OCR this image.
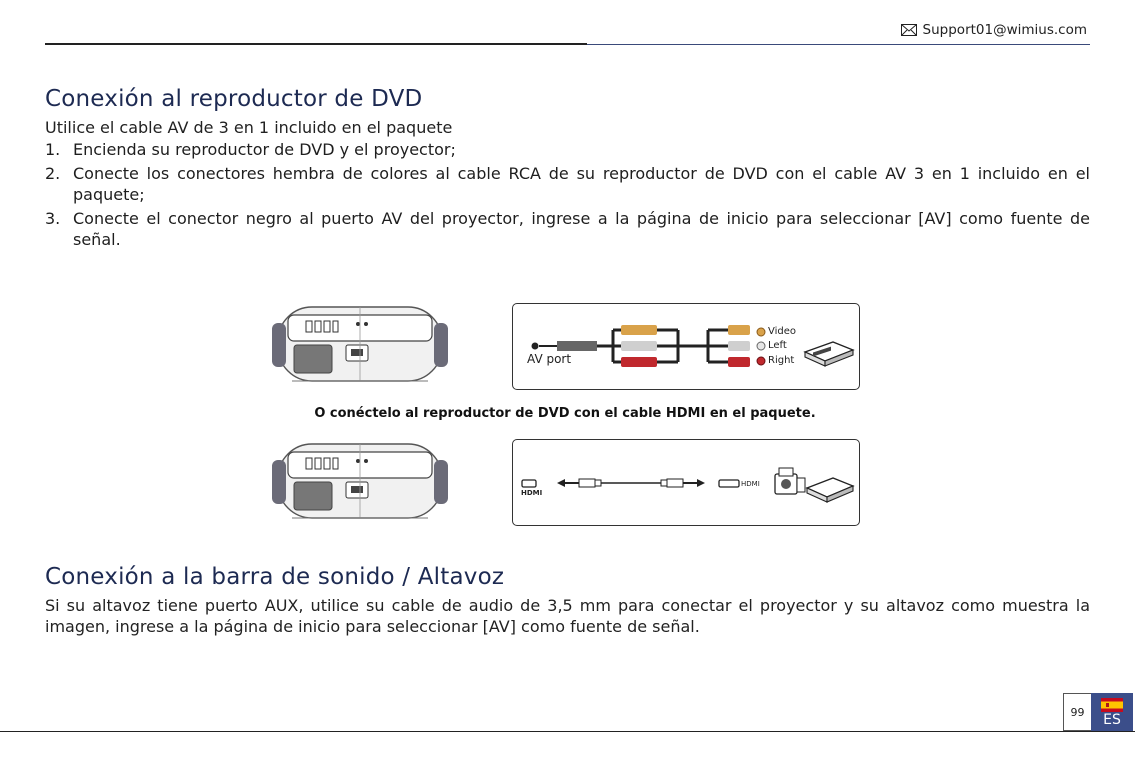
Support01@wimius.com
Conexión al reproductor de DVD
Utilice el cable AV de 3 en 1 incluido en el paquete
1. Encienda su reproductor de DVD y el proyector;
2. Conecte los conectores hembra de colores al cable RCA de su reproductor de DVD con el cable AV 3 en 1 incluido en el paquete;
3. Conecte el conector negro al puerto AV del proyector, ingrese a la página de inicio para seleccionar [AV] como fuente de señal.
AV port
Video
Left
Right
O conéctelo al reproductor de DVD con el cable HDMI en el paquete.
HDMI
HDMI
Conexión a la barra de sonido / Altavoz
Si su altavoz tiene puerto AUX, utilice su cable de audio de 3,5 mm para conectar el proyector y su altavoz como muestra la imagen, ingrese a la página de inicio para seleccionar [AV] como fuente de señal.
99	ES
